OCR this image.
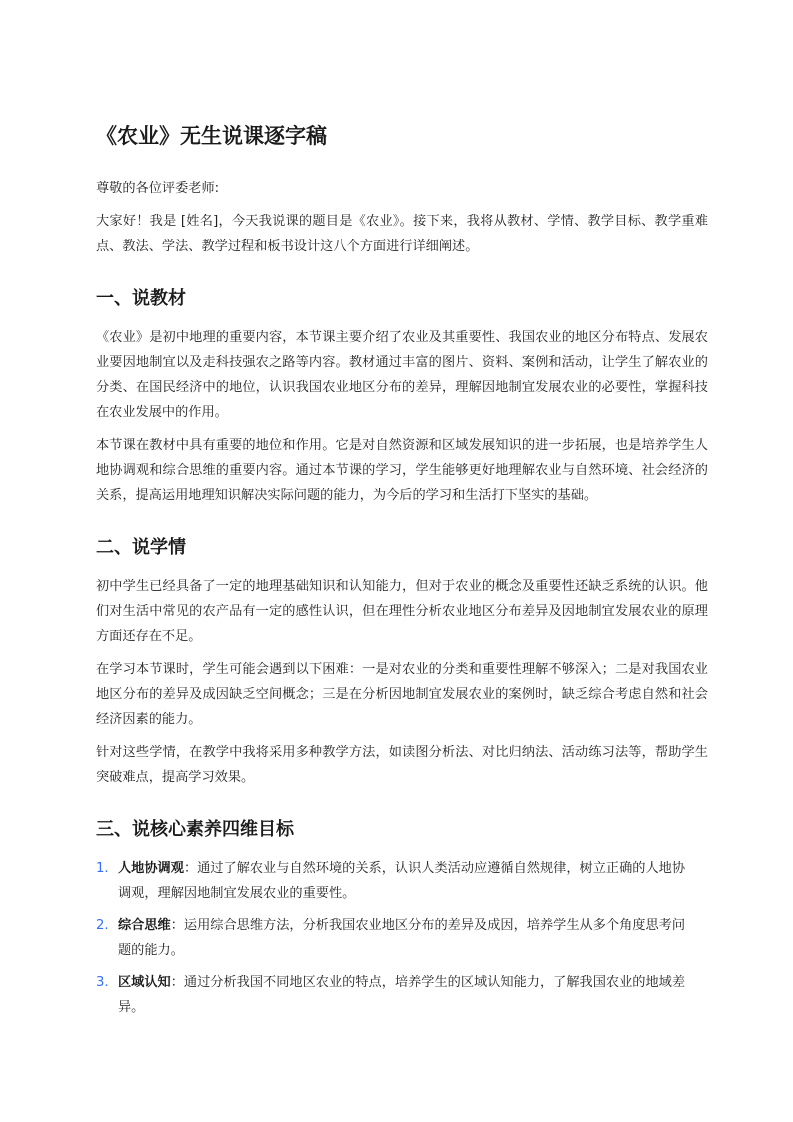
《农业》无生说课逐字稿

尊敬的各位评委老师:

大家好！我是 [姓名]，今天我说课的题目是《农业》。接下来，我将从教材、学情、教学目标、教学重难点、教法、学法、教学过程和板书设计这八个方面进行详细阐述。

一、说教材

《农业》是初中地理的重要内容，本节课主要介绍了农业及其重要性、我国农业的地区分布特点、发展农业要因地制宜以及走科技强农之路等内容。教材通过丰富的图片、资料、案例和活动，让学生了解农业的分类、在国民经济中的地位，认识我国农业地区分布的差异，理解因地制宜发展农业的必要性，掌握科技在农业发展中的作用。

本节课在教材中具有重要的地位和作用。它是对自然资源和区域发展知识的进一步拓展，也是培养学生人地协调观和综合思维的重要内容。通过本节课的学习，学生能够更好地理解农业与自然环境、社会经济的关系，提高运用地理知识解决实际问题的能力，为今后的学习和生活打下坚实的基础。

二、说学情

初中学生已经具备了一定的地理基础知识和认知能力，但对于农业的概念及重要性还缺乏系统的认识。他们对生活中常见的农产品有一定的感性认识，但在理性分析农业地区分布差异及因地制宜发展农业的原理方面还存在不足。

在学习本节课时，学生可能会遇到以下困难：一是对农业的分类和重要性理解不够深入；二是对我国农业地区分布的差异及成因缺乏空间概念；三是在分析因地制宜发展农业的案例时，缺乏综合考虑自然和社会经济因素的能力。

针对这些学情，在教学中我将采用多种教学方法，如读图分析法、对比归纳法、活动练习法等，帮助学生突破难点，提高学习效果。

三、说核心素养四维目标
1. 人地协调观：通过了解农业与自然环境的关系，认识人类活动应遵循自然规律，树立正确的人地协调观，理解因地制宜发展农业的重要性。
2. 综合思维：运用综合思维方法，分析我国农业地区分布的差异及成因，培养学生从多个角度思考问题的能力。
3. 区域认知：通过分析我国不同地区农业的特点，培养学生的区域认知能力，了解我国农业的地域差异。
